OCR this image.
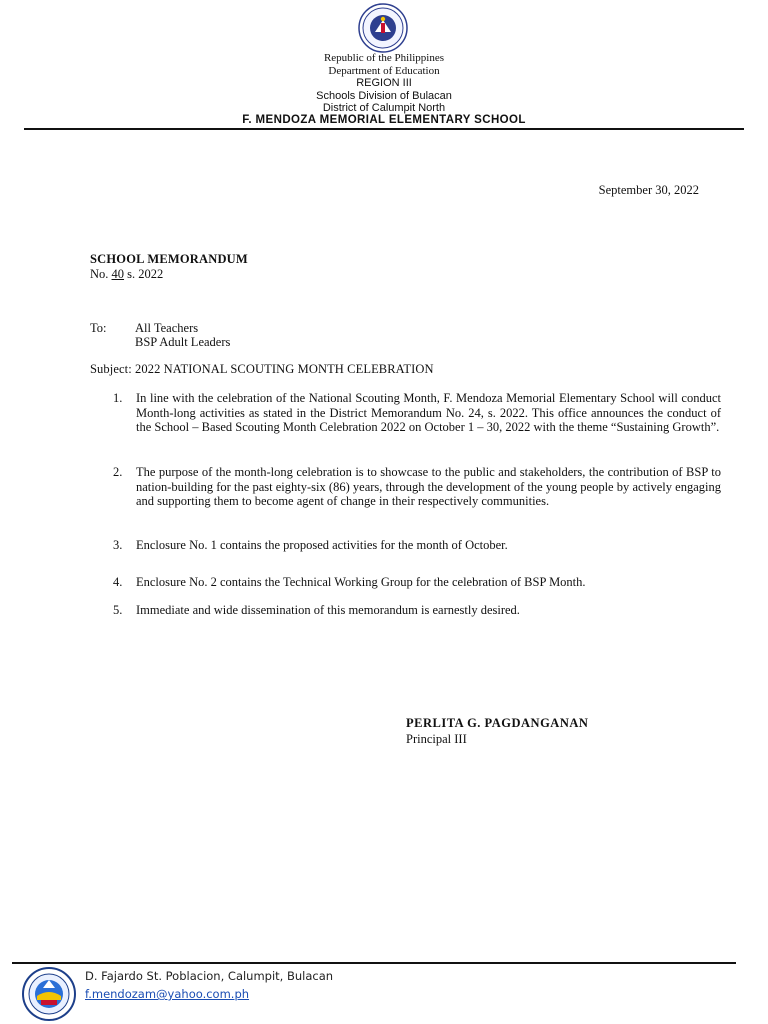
Republic of the Philippines
Department of Education
REGION III
Schools Division of Bulacan
District of Calumpit North
F. MENDOZA MEMORIAL ELEMENTARY SCHOOL
September 30, 2022
SCHOOL MEMORANDUM
No. 40 s. 2022
To: All Teachers
BSP Adult Leaders
Subject: 2022 NATIONAL SCOUTING MONTH CELEBRATION
1. In line with the celebration of the National Scouting Month, F. Mendoza Memorial Elementary School will conduct Month-long activities as stated in the District Memorandum No. 24, s. 2022. This office announces the conduct of the School – Based Scouting Month Celebration 2022 on October 1 – 30, 2022 with the theme “Sustaining Growth”.
2. The purpose of the month-long celebration is to showcase to the public and stakeholders, the contribution of BSP to nation-building for the past eighty-six (86) years, through the development of the young people by actively engaging and supporting them to become agent of change in their respectively communities.
3. Enclosure No. 1 contains the proposed activities for the month of October.
4. Enclosure No. 2 contains the Technical Working Group for the celebration of BSP Month.
5. Immediate and wide dissemination of this memorandum is earnestly desired.
PERLITA G. PAGDANGANAN
Principal III
D. Fajardo St. Poblacion, Calumpit, Bulacan
f.mendozam@yahoo.com.ph
